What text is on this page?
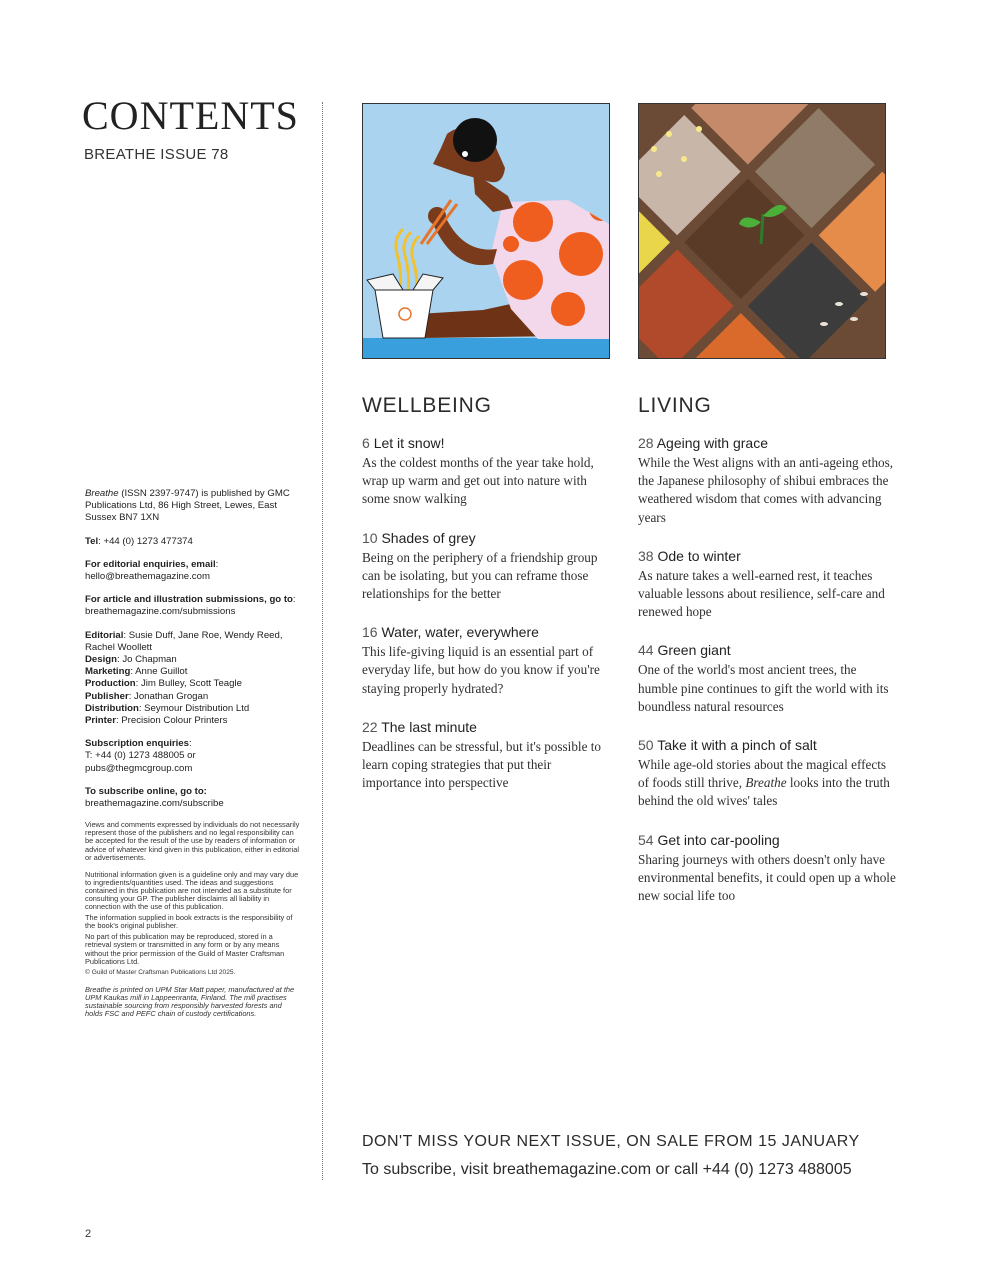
CONTENTS
BREATHE ISSUE 78

Breathe (ISSN 2397-9747) is published by GMC Publications Ltd, 86 High Street, Lewes, East Sussex BN7 1XN

Tel: +44 (0) 1273 477374

For editorial enquiries, email:
hello@breathemagazine.com

For article and illustration submissions, go to:
breathemagazine.com/submissions

Editorial: Susie Duff, Jane Roe, Wendy Reed, Rachel Woollett
Design: Jo Chapman
Marketing: Anne Guillot
Production: Jim Bulley, Scott Teagle
Publisher: Jonathan Grogan
Distribution: Seymour Distribution Ltd
Printer: Precision Colour Printers

Subscription enquiries:
T: +44 (0) 1273 488005 or
pubs@thegmcgroup.com

To subscribe online, go to:
breathemagazine.com/subscribe

Views and comments expressed by individuals do not necessarily represent those of the publishers and no legal responsibility can be accepted for the result of the use by readers of information or advice of whatever kind given in this publication, either in editorial or advertisements.

Nutritional information given is a guideline only and may vary due to ingredients/quantities used. The ideas and suggestions contained in this publication are not intended as a substitute for consulting your GP. The publisher disclaims all liability in connection with the use of this publication.

The information supplied in book extracts is the responsibility of the book's original publisher.

No part of this publication may be reproduced, stored in a retrieval system or transmitted in any form or by any means without the prior permission of the Guild of Master Craftsman Publications Ltd.

© Guild of Master Craftsman Publications Ltd 2025.

Breathe is printed on UPM Star Matt paper, manufactured at the UPM Kaukas mill in Lappeenranta, Finland. The mill practises sustainable sourcing from responsibly harvested forests and holds FSC and PEFC chain of custody certifications.

2
WELLBEING
6 Let it snow!
As the coldest months of the year take hold, wrap up warm and get out into nature with some snow walking
10 Shades of grey
Being on the periphery of a friendship group can be isolating, but you can reframe those relationships for the better
16 Water, water, everywhere
This life-giving liquid is an essential part of everyday life, but how do you know if you're staying properly hydrated?
22 The last minute
Deadlines can be stressful, but it's possible to learn coping strategies that put their importance into perspective
LIVING
28 Ageing with grace
While the West aligns with an anti-ageing ethos, the Japanese philosophy of shibui embraces the weathered wisdom that comes with advancing years
38 Ode to winter
As nature takes a well-earned rest, it teaches valuable lessons about resilience, self-care and renewed hope
44 Green giant
One of the world's most ancient trees, the humble pine continues to gift the world with its boundless natural resources
50 Take it with a pinch of salt
While age-old stories about the magical effects of foods still thrive, Breathe looks into the truth behind the old wives' tales
54 Get into car-pooling
Sharing journeys with others doesn't only have environmental benefits, it could open up a whole new social life too
DON'T MISS YOUR NEXT ISSUE, ON SALE FROM 15 JANUARY
To subscribe, visit breathemagazine.com or call +44 (0) 1273 488005
